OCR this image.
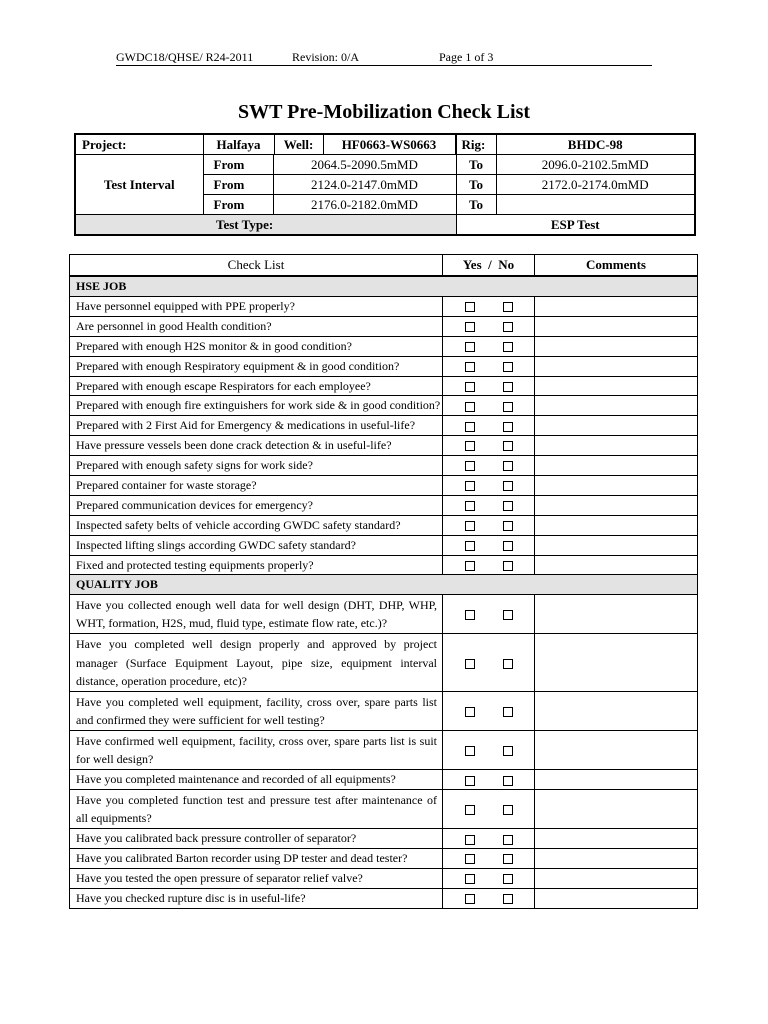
GWDC18/QHSE/ R24-2011	Revision: 0/A	Page 1 of 3
SWT Pre-Mobilization Check List
Project:	Halfaya Well: HF0663-WS0663	Rig:	BHDC-98
Test Interval	From 2064.5-2090.5mMD	To	2096.0-2102.5mMD

	From 2124.0-2147.0mMD	To	2172.0-2174.0mMD

	From 2176.0-2182.0mMD	To	
Test Type:		ESP Test	
Check List	Yes  /  No	Comments
HSE JOB		
Have personnel equipped with PPE properly?		
Are personnel in good Health condition?		
Prepared with enough H2S monitor & in good condition?		
Prepared with enough Respiratory equipment & in good condition?		
Prepared with enough escape Respirators for each employee?		
Prepared with enough fire extinguishers for work side & in good condition?		
Prepared with 2 First Aid for Emergency & medications in useful-life?		
Have pressure vessels been done crack detection & in useful-life?		
Prepared with enough safety signs for work side?		
Prepared container for waste storage?		
Prepared communication devices for emergency?		
Inspected safety belts of vehicle according GWDC safety standard?		
Inspected lifting slings according GWDC safety standard?		
Fixed and protected testing equipments properly?		
QUALITY JOB		
Have you collected enough well data for well design (DHT, DHP, WHP, WHT, formation, H2S, mud, fluid type, estimate flow rate, etc.)?		
Have you completed well design properly and approved by project manager (Surface Equipment Layout, pipe size, equipment interval distance, operation procedure, etc)?		
Have you completed well equipment, facility, cross over, spare parts list and confirmed they were sufficient for well testing?		
Have confirmed well equipment, facility, cross over, spare parts list is suit for well design?		
Have you completed maintenance and recorded of all equipments?		
Have you completed function test and pressure test after maintenance of all equipments?		
Have you calibrated back pressure controller of separator?		
Have you calibrated Barton recorder using DP tester and dead tester?		
Have you tested the open pressure of separator relief valve?		
Have you checked rupture disc is in useful-life?		
